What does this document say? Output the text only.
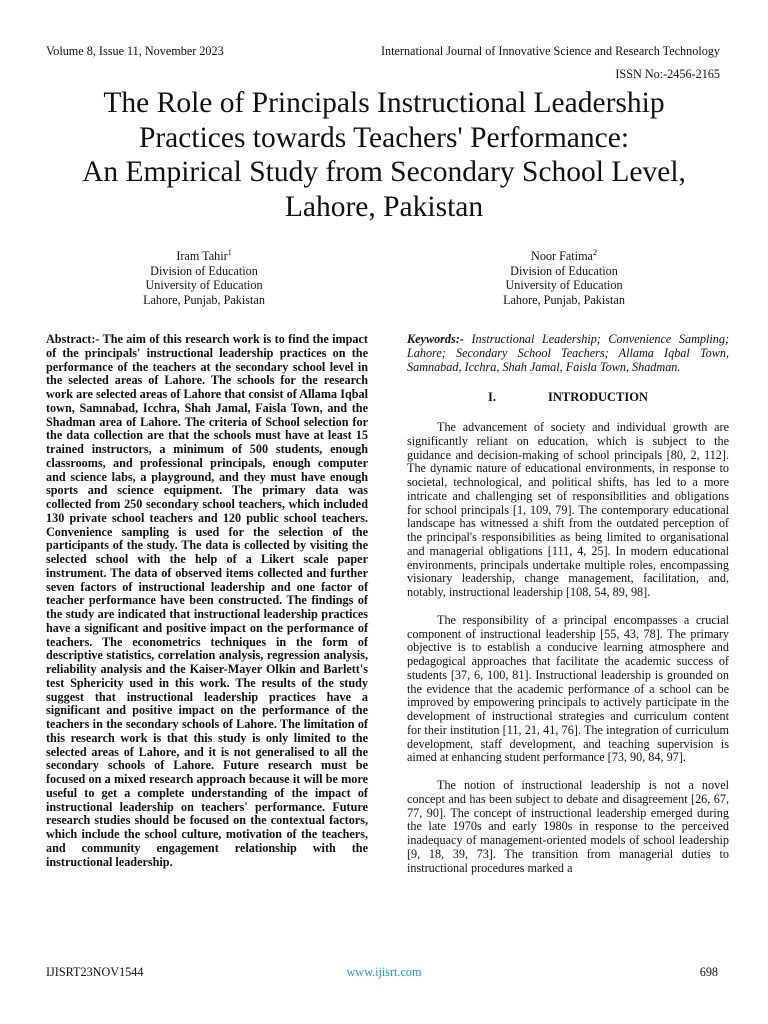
Volume 8, Issue 11, November 2023	International Journal of Innovative Science and Research Technology
ISSN No:-2456-2165
The Role of Principals Instructional Leadership
Practices towards Teachers' Performance:
An Empirical Study from Secondary School Level,
Lahore, Pakistan
Iram Tahir$^1$
Division of Education
University of Education
Lahore, Punjab, Pakistan
Noor Fatima$^2$
Division of Education
University of Education
Lahore, Punjab, Pakistan

Abstract:- The aim of this research work is to find the impact of the principals' instructional leadership practices on the performance of the teachers at the secondary school level in the selected areas of Lahore. The schools for the research work are selected areas of Lahore that consist of Allama Iqbal town, Samnabad, Icchra, Shah Jamal, Faisla Town, and the Shadman area of Lahore. The criteria of School selection for the data collection are that the schools must have at least 15 trained instructors, a minimum of 500 students, enough classrooms, and professional principals, enough computer and science labs, a playground, and they must have enough sports and science equipment. The primary data was collected from 250 secondary school teachers, which included 130 private school teachers and 120 public school teachers. Convenience sampling is used for the selection of the participants of the study. The data is collected by visiting the selected school with the help of a Likert scale paper instrument. The data of observed items collected and further seven factors of instructional leadership and one factor of teacher performance have been constructed. The findings of the study are indicated that instructional leadership practices have a significant and positive impact on the performance of teachers. The econometrics techniques in the form of descriptive statistics, correlation analysis, regression analysis, reliability analysis and the Kaiser-Mayer Olkin and Barlett's test Sphericity used in this work. The results of the study suggest that instructional leadership practices have a significant and positive impact on the performance of the teachers in the secondary schools of Lahore. The limitation of this research work is that this study is only limited to the selected areas of Lahore, and it is not generalised to all the secondary schools of Lahore. Future research must be focused on a mixed research approach because it will be more useful to get a complete understanding of the impact of instructional leadership on teachers' performance. Future research studies should be focused on the contextual factors, which include the school culture, motivation of the teachers, and community engagement relationship with the instructional leadership.

Keywords:- Instructional Leadership; Convenience Sampling; Lahore; Secondary School Teachers; Allama Iqbal Town, Samnabad, Icchra, Shah Jamal, Faisla Town, Shadman.

I.	INTRODUCTION

The advancement of society and individual growth are significantly reliant on education, which is subject to the guidance and decision-making of school principals [80, 2, 112]. The dynamic nature of educational environments, in response to societal, technological, and political shifts, has led to a more intricate and challenging set of responsibilities and obligations for school principals [1, 109, 79]. The contemporary educational landscape has witnessed a shift from the outdated perception of the principal's responsibilities as being limited to organisational and managerial obligations [111, 4, 25]. In modern educational environments, principals undertake multiple roles, encompassing visionary leadership, change management, facilitation, and, notably, instructional leadership [108, 54, 89, 98].

The responsibility of a principal encompasses a crucial component of instructional leadership [55, 43, 78]. The primary objective is to establish a conducive learning atmosphere and pedagogical approaches that facilitate the academic success of students [37, 6, 100, 81]. Instructional leadership is grounded on the evidence that the academic performance of a school can be improved by empowering principals to actively participate in the development of instructional strategies and curriculum content for their institution [11, 21, 41, 76]. The integration of curriculum development, staff development, and teaching supervision is aimed at enhancing student performance [73, 90, 84, 97].

The notion of instructional leadership is not a novel concept and has been subject to debate and disagreement [26, 67, 77, 90]. The concept of instructional leadership emerged during the late 1970s and early 1980s in response to the perceived inadequacy of management-oriented models of school leadership [9, 18, 39, 73]. The transition from managerial duties to instructional procedures marked a

IJISRT23NOV1544	www.ijisrt.com	698
